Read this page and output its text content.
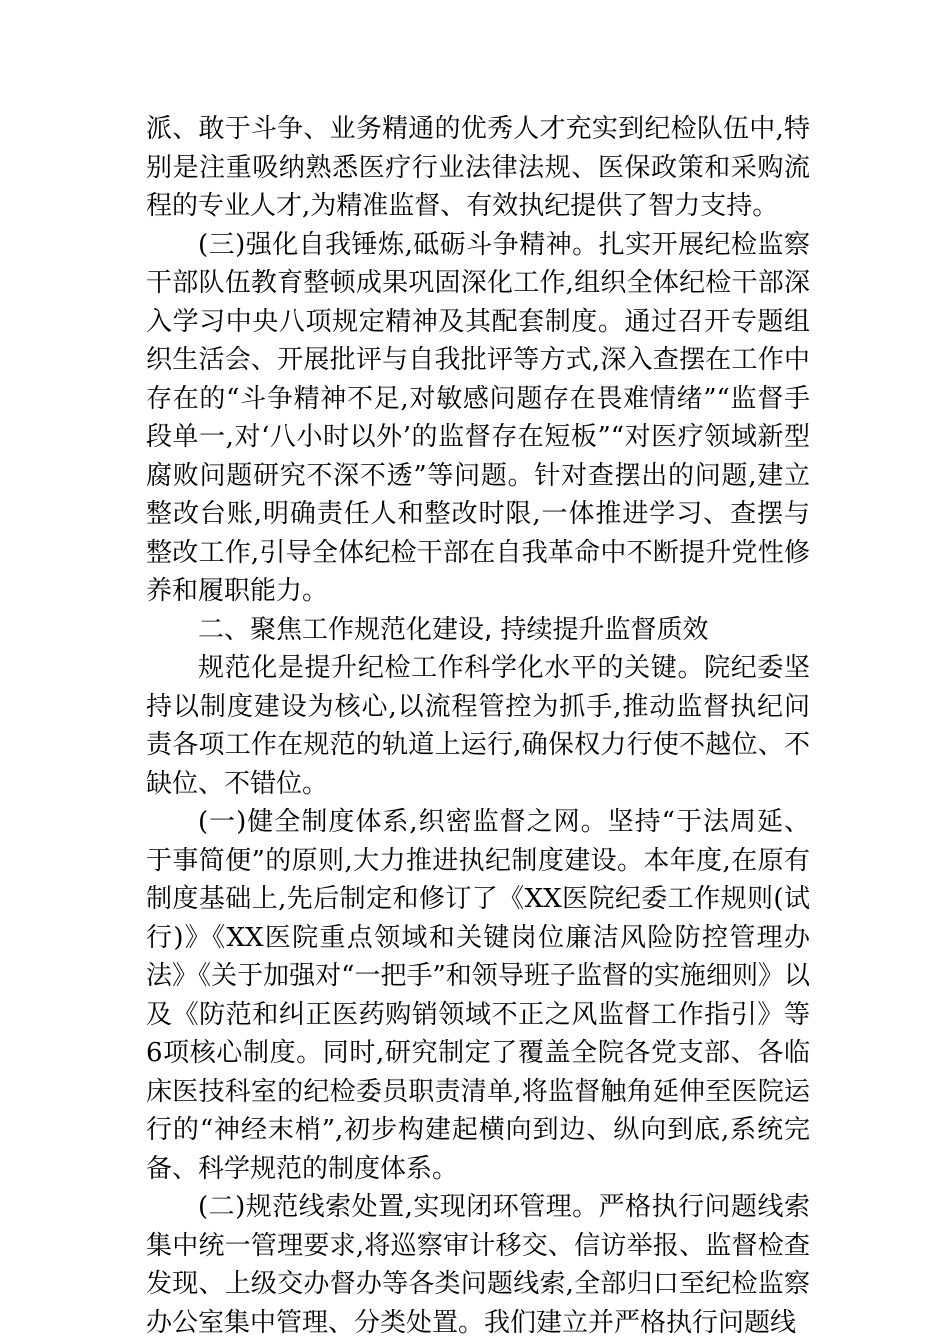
派、敢于斗争、业务精通的优秀人才充实到纪检队伍中,特别是注重吸纳熟悉医疗行业法律法规、医保政策和采购流程的专业人才,为精准监督、有效执纪提供了智力支持。

(三)强化自我锤炼,砥砺斗争精神。扎实开展纪检监察干部队伍教育整顿成果巩固深化工作,组织全体纪检干部深入学习中央八项规定精神及其配套制度。通过召开专题组织生活会、开展批评与自我批评等方式,深入查摆在工作中存在的“斗争精神不足,对敏感问题存在畏难情绪”“监督手段单一,对‘八小时以外’的监督存在短板”“对医疗领域新型腐败问题研究不深不透”等问题。针对查摆出的问题,建立整改台账,明确责任人和整改时限,一体推进学习、查摆与整改工作,引导全体纪检干部在自我革命中不断提升党性修养和履职能力。

二、聚焦工作规范化建设, 持续提升监督质效

规范化是提升纪检工作科学化水平的关键。院纪委坚持以制度建设为核心,以流程管控为抓手,推动监督执纪问责各项工作在规范的轨道上运行,确保权力行使不越位、不缺位、不错位。

(一)健全制度体系,织密监督之网。坚持“于法周延、于事简便”的原则,大力推进执纪制度建设。本年度,在原有制度基础上,先后制定和修订了《XX医院纪委工作规则(试行)》《XX医院重点领域和关键岗位廉洁风险防控管理办法》《关于加强对“一把手”和领导班子监督的实施细则》以及《防范和纠正医药购销领域不正之风监督工作指引》等6项核心制度。同时,研究制定了覆盖全院各党支部、各临床医技科室的纪检委员职责清单,将监督触角延伸至医院运行的“神经末梢”,初步构建起横向到边、纵向到底,系统完备、科学规范的制度体系。

(二)规范线索处置,实现闭环管理。严格执行问题线索集中统一管理要求,将巡察审计移交、信访举报、监督检查发现、上级交办督办等各类问题线索,全部归口至纪检监察办公室集中管理、分类处置。我们建立并严格执行问题线
